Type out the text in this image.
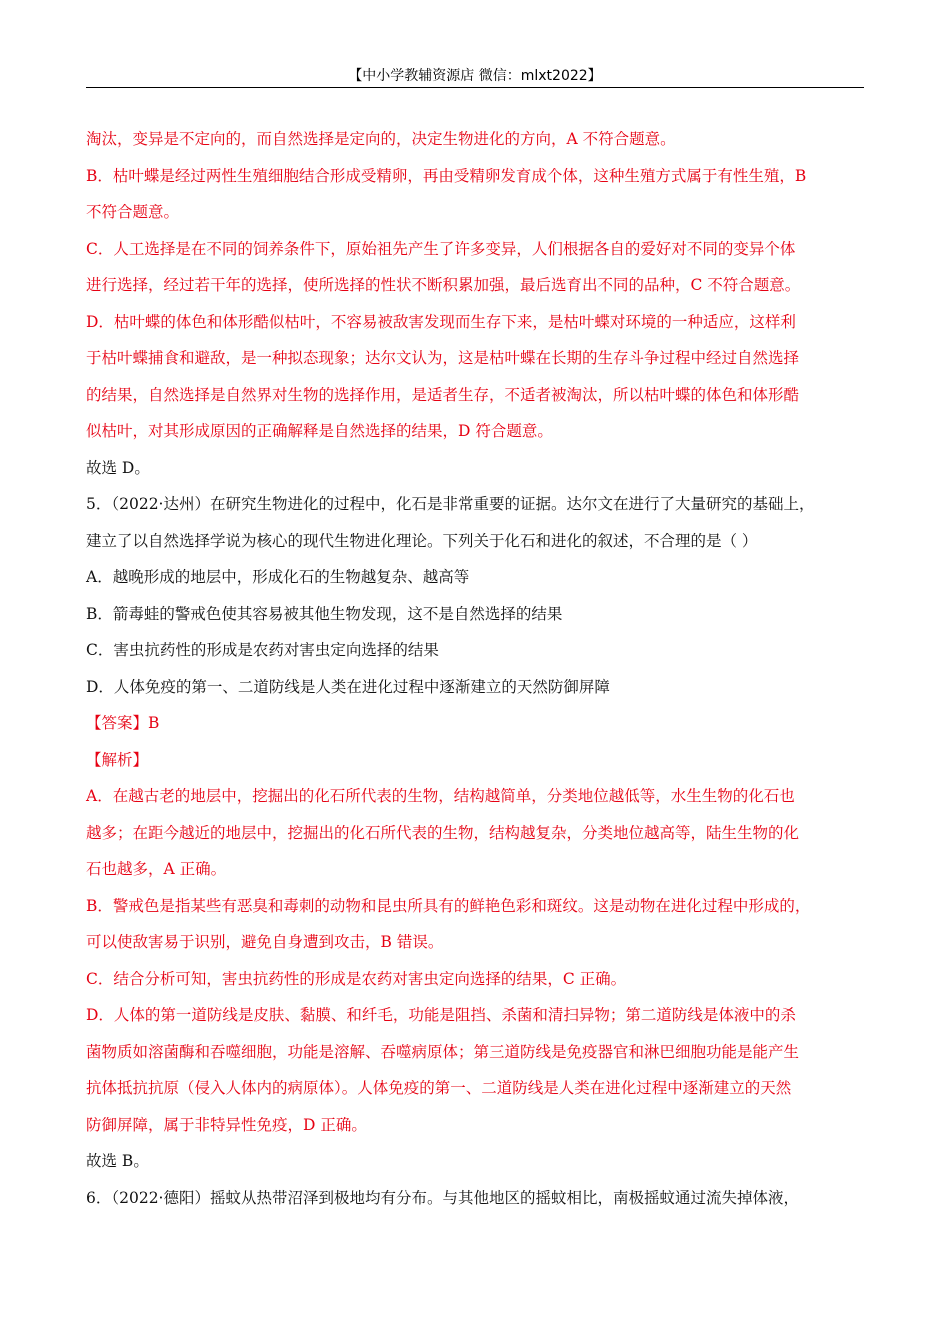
【中小学教辅资源店 微信：mlxt2022】
淘汰，变异是不定向的，而自然选择是定向的，决定生物进化的方向，A 不符合题意。
B．枯叶蝶是经过两性生殖细胞结合形成受精卵，再由受精卵发育成个体，这种生殖方式属于有性生殖，B
不符合题意。
C．人工选择是在不同的饲养条件下，原始祖先产生了许多变异，人们根据各自的爱好对不同的变异个体
进行选择，经过若干年的选择，使所选择的性状不断积累加强，最后选育出不同的品种，C 不符合题意。
D．枯叶蝶的体色和体形酷似枯叶，不容易被敌害发现而生存下来，是枯叶蝶对环境的一种适应，这样利
于枯叶蝶捕食和避敌，是一种拟态现象；达尔文认为，这是枯叶蝶在长期的生存斗争过程中经过自然选择
的结果，自然选择是自然界对生物的选择作用，是适者生存，不适者被淘汰，所以枯叶蝶的体色和体形酷
似枯叶，对其形成原因的正确解释是自然选择的结果，D 符合题意。
故选 D。
5．（2022·达州）在研究生物进化的过程中，化石是非常重要的证据。达尔文在进行了大量研究的基础上，
建立了以自然选择学说为核心的现代生物进化理论。下列关于化石和进化的叙述，不合理的是（ ）
A．越晚形成的地层中，形成化石的生物越复杂、越高等
B．箭毒蛙的警戒色使其容易被其他生物发现，这不是自然选择的结果
C．害虫抗药性的形成是农药对害虫定向选择的结果
D．人体免疫的第一、二道防线是人类在进化过程中逐渐建立的天然防御屏障
【答案】B
【解析】
A．在越古老的地层中，挖掘出的化石所代表的生物，结构越简单，分类地位越低等，水生生物的化石也
越多；在距今越近的地层中，挖掘出的化石所代表的生物，结构越复杂，分类地位越高等，陆生生物的化
石也越多，A 正确。
B．警戒色是指某些有恶臭和毒刺的动物和昆虫所具有的鲜艳色彩和斑纹。这是动物在进化过程中形成的，
可以使敌害易于识别，避免自身遭到攻击，B 错误。
C．结合分析可知，害虫抗药性的形成是农药对害虫定向选择的结果，C 正确。
D．人体的第一道防线是皮肤、黏膜、和纤毛，功能是阻挡、杀菌和清扫异物；第二道防线是体液中的杀
菌物质如溶菌酶和吞噬细胞，功能是溶解、吞噬病原体；第三道防线是免疫器官和淋巴细胞功能是能产生
抗体抵抗抗原（侵入人体内的病原体）。人体免疫的第一、二道防线是人类在进化过程中逐渐建立的天然
防御屏障，属于非特异性免疫，D 正确。
故选 B。
6．（2022·德阳）摇蚊从热带沼泽到极地均有分布。与其他地区的摇蚊相比，南极摇蚊通过流失掉体液，
